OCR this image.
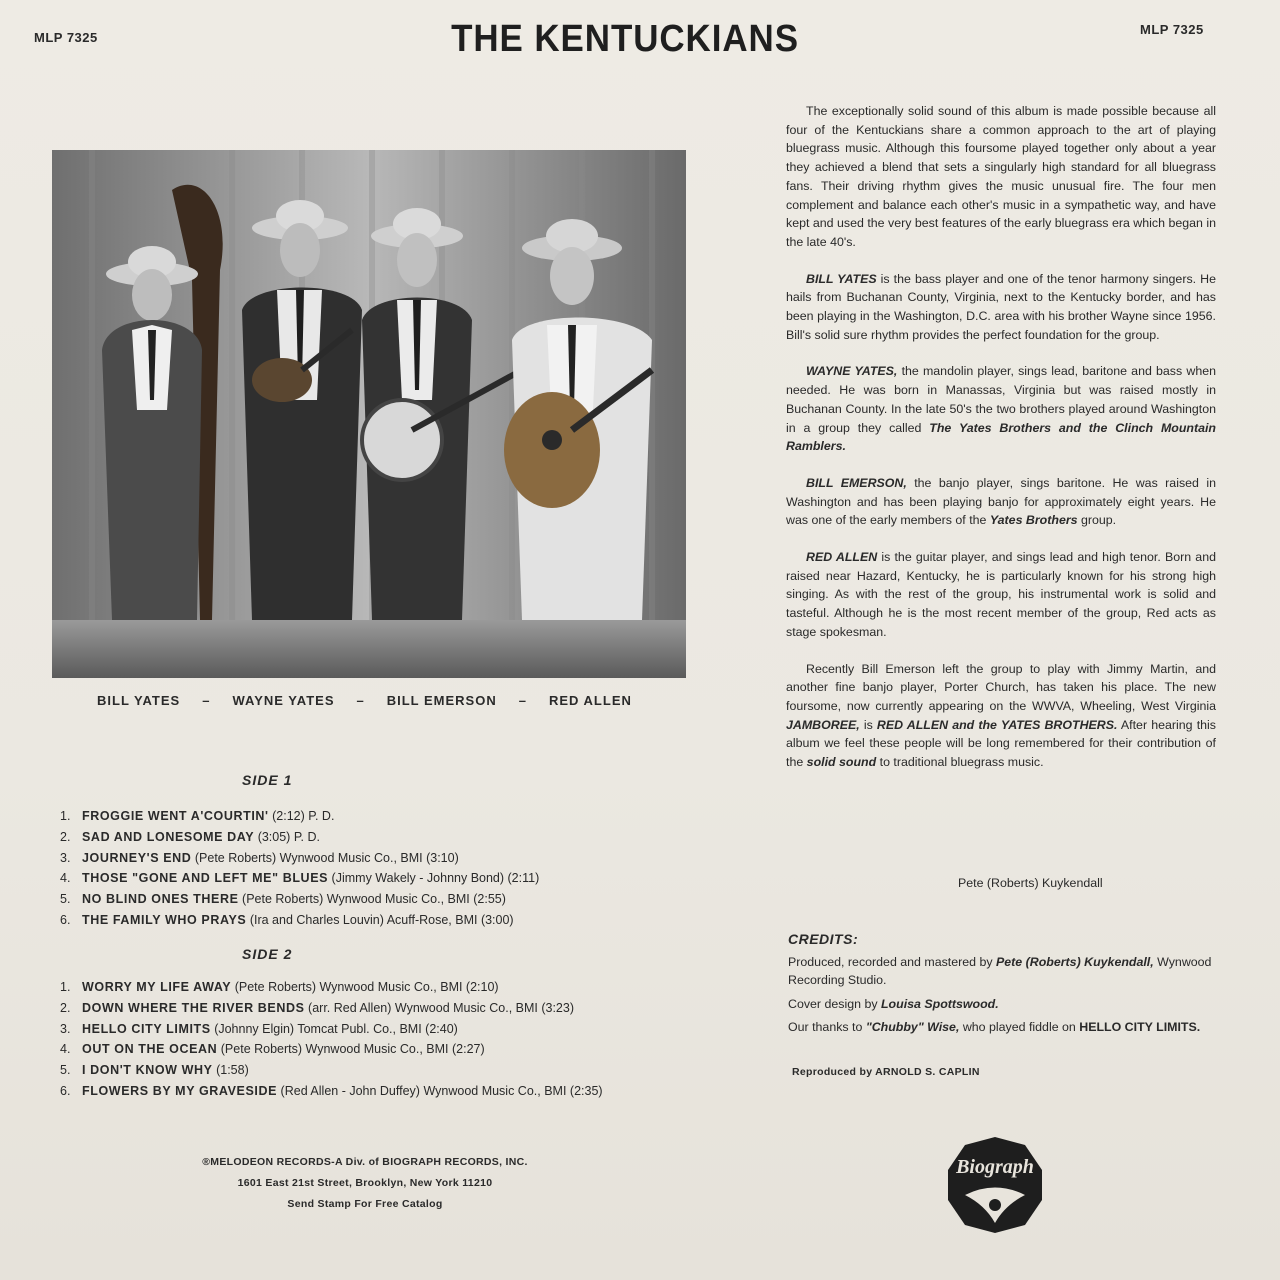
MLP 7325
MLP 7325
THE KENTUCKIANS
BILL YATES – WAYNE YATES – BILL EMERSON – RED ALLEN
SIDE 1
1. FROGGIE WENT A'COURTIN' (2:12) P. D.
2. SAD AND LONESOME DAY (3:05) P. D.
3. JOURNEY'S END (Pete Roberts) Wynwood Music Co., BMI (3:10)
4. THOSE "GONE AND LEFT ME" BLUES (Jimmy Wakely - Johnny Bond) (2:11)
5. NO BLIND ONES THERE (Pete Roberts) Wynwood Music Co., BMI (2:55)
6. THE FAMILY WHO PRAYS (Ira and Charles Louvin) Acuff-Rose, BMI (3:00)
SIDE 2
1. WORRY MY LIFE AWAY (Pete Roberts) Wynwood Music Co., BMI (2:10)
2. DOWN WHERE THE RIVER BENDS (arr. Red Allen) Wynwood Music Co., BMI (3:23)
3. HELLO CITY LIMITS (Johnny Elgin) Tomcat Publ. Co., BMI (2:40)
4. OUT ON THE OCEAN (Pete Roberts) Wynwood Music Co., BMI (2:27)
5. I DON'T KNOW WHY (1:58)
6. FLOWERS BY MY GRAVESIDE (Red Allen - John Duffey) Wynwood Music Co., BMI (2:35)
®MELODEON RECORDS-A Div. of BIOGRAPH RECORDS, INC.
1601 East 21st Street, Brooklyn, New York 11210
Send Stamp For Free Catalog

The exceptionally solid sound of this album is made possible because all four of the Kentuckians share a common approach to the art of playing bluegrass music. Although this foursome played together only about a year they achieved a blend that sets a singularly high standard for all bluegrass fans. Their driving rhythm gives the music unusual fire. The four men complement and balance each other's music in a sympathetic way, and have kept and used the very best features of the early bluegrass era which began in the late 40's.

BILL YATES is the bass player and one of the tenor harmony singers. He hails from Buchanan County, Virginia, next to the Kentucky border, and has been playing in the Washington, D.C. area with his brother Wayne since 1956. Bill's solid sure rhythm provides the perfect foundation for the group.

WAYNE YATES, the mandolin player, sings lead, baritone and bass when needed. He was born in Manassas, Virginia but was raised mostly in Buchanan County. In the late 50's the two brothers played around Washington in a group they called The Yates Brothers and the Clinch Mountain Ramblers.

BILL EMERSON, the banjo player, sings baritone. He was raised in Washington and has been playing banjo for approximately eight years. He was one of the early members of the Yates Brothers group.

RED ALLEN is the guitar player, and sings lead and high tenor. Born and raised near Hazard, Kentucky, he is particularly known for his strong high singing. As with the rest of the group, his instrumental work is solid and tasteful. Although he is the most recent member of the group, Red acts as stage spokesman.

Recently Bill Emerson left the group to play with Jimmy Martin, and another fine banjo player, Porter Church, has taken his place. The new foursome, now currently appearing on the WWVA, Wheeling, West Virginia JAMBOREE, is RED ALLEN and the YATES BROTHERS. After hearing this album we feel these people will be long remembered for their contribution of the solid sound to traditional bluegrass music.

Pete (Roberts) Kuykendall
CREDITS:
Produced, recorded and mastered by Pete (Roberts) Kuykendall, Wynwood Recording Studio.
Cover design by Louisa Spottswood.
Our thanks to "Chubby" Wise, who played fiddle on HELLO CITY LIMITS.
Reproduced by ARNOLD S. CAPLIN
Biograph
